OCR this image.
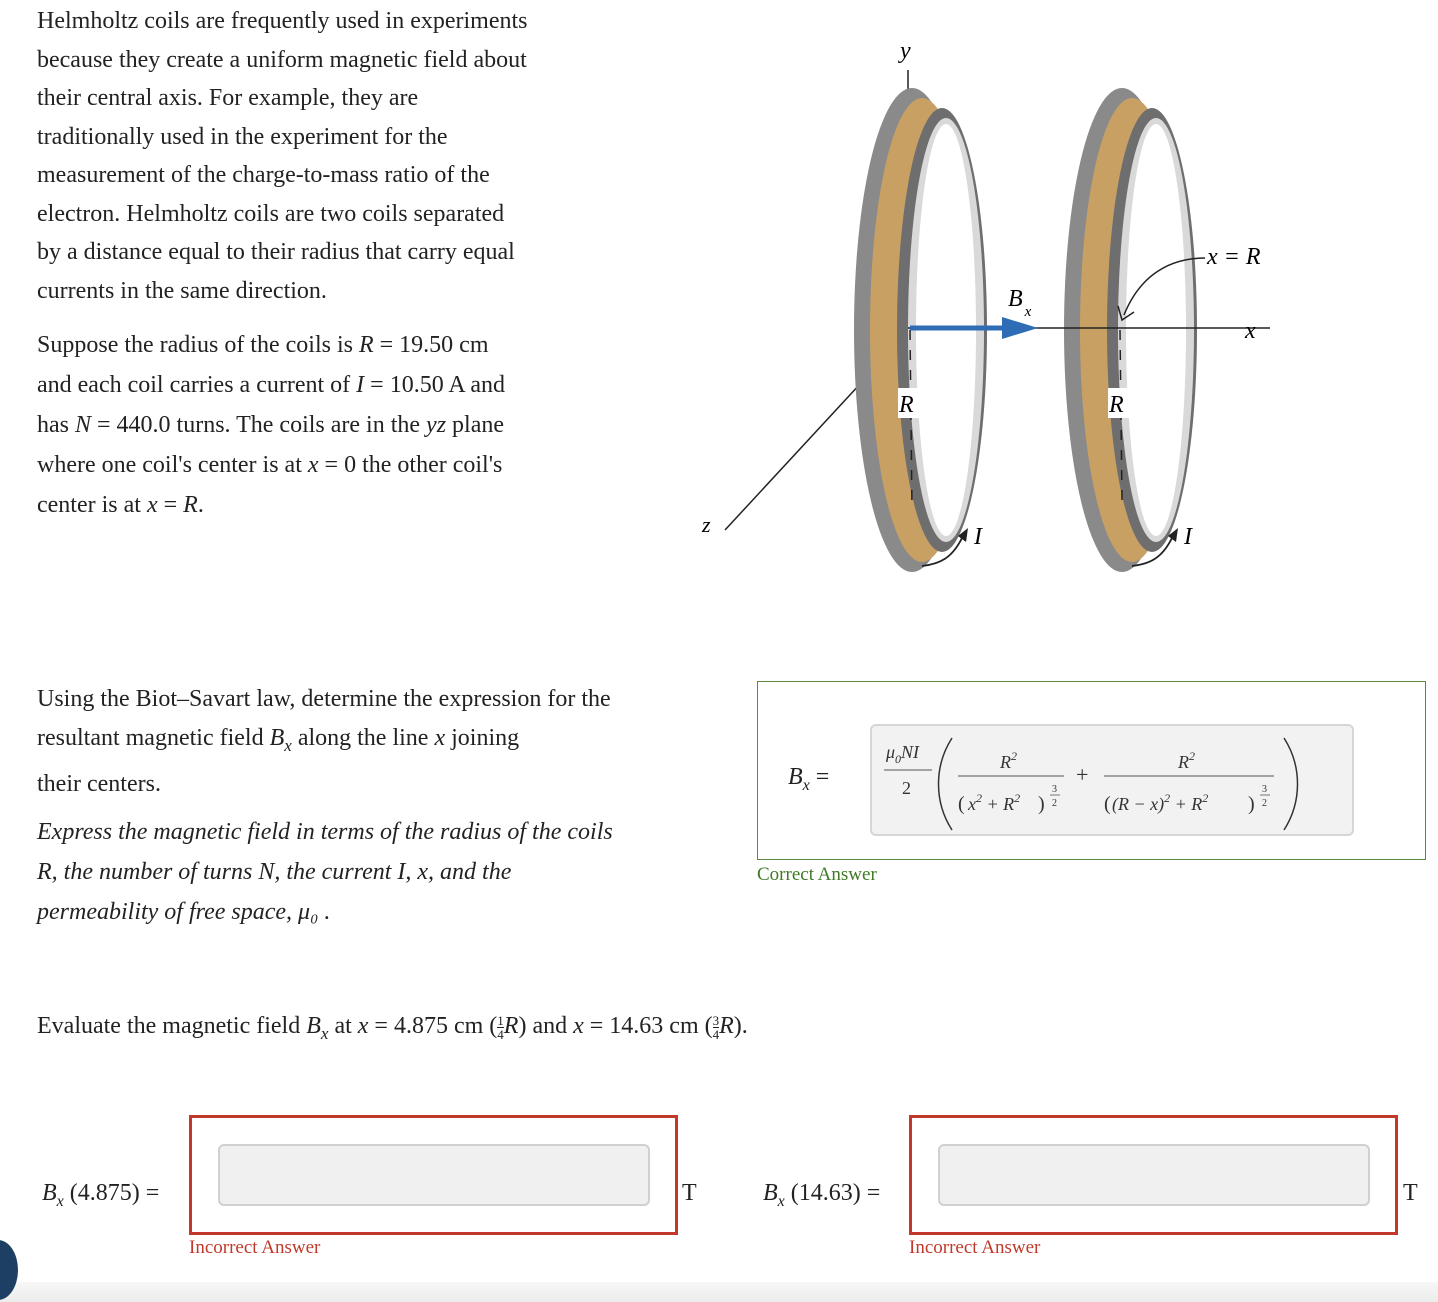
Helmholtz coils are frequently used in experiments
because they create a uniform magnetic field about
their central axis. For example, they are
traditionally used in the experiment for the
measurement of the charge-to-mass ratio of the
electron. Helmholtz coils are two coils separated
by a distance equal to their radius that carry equal
currents in the same direction.
Suppose the radius of the coils is R = 19.50 cm
and each coil carries a current of I = 10.50 A and
has N = 440.0 turns. The coils are in the yz plane
where one coil's center is at x = 0 the other coil's
center is at x = R.
z
y
x
B $_x$
R	R
x = R
I	I
Using the Biot–Savart law, determine the expression for the
resultant magnetic field $B_x$ along the line x joining
their centers.
Express the magnetic field in terms of the radius of the coils
R, the number of turns N, the current I, x, and the
permeability of free space, μ₀ .
$B_x$ =
$\mu_0NI$
2
$R^2$
( $x^2 + R^2$ )
3
2
+	$R^2$
( $(R - x)^2 + R^2$ )
3
2
Correct Answer
Evaluate the magnetic field $B_x$ at x = 4.875 cm ( $\frac{1}{4} R$) and x = 14.63 cm ( $\frac{3}{4} R$).
$B_x$ (4.875) =	T
Incorrect Answer
$B_x$ (14.63) =	T
Incorrect Answer
